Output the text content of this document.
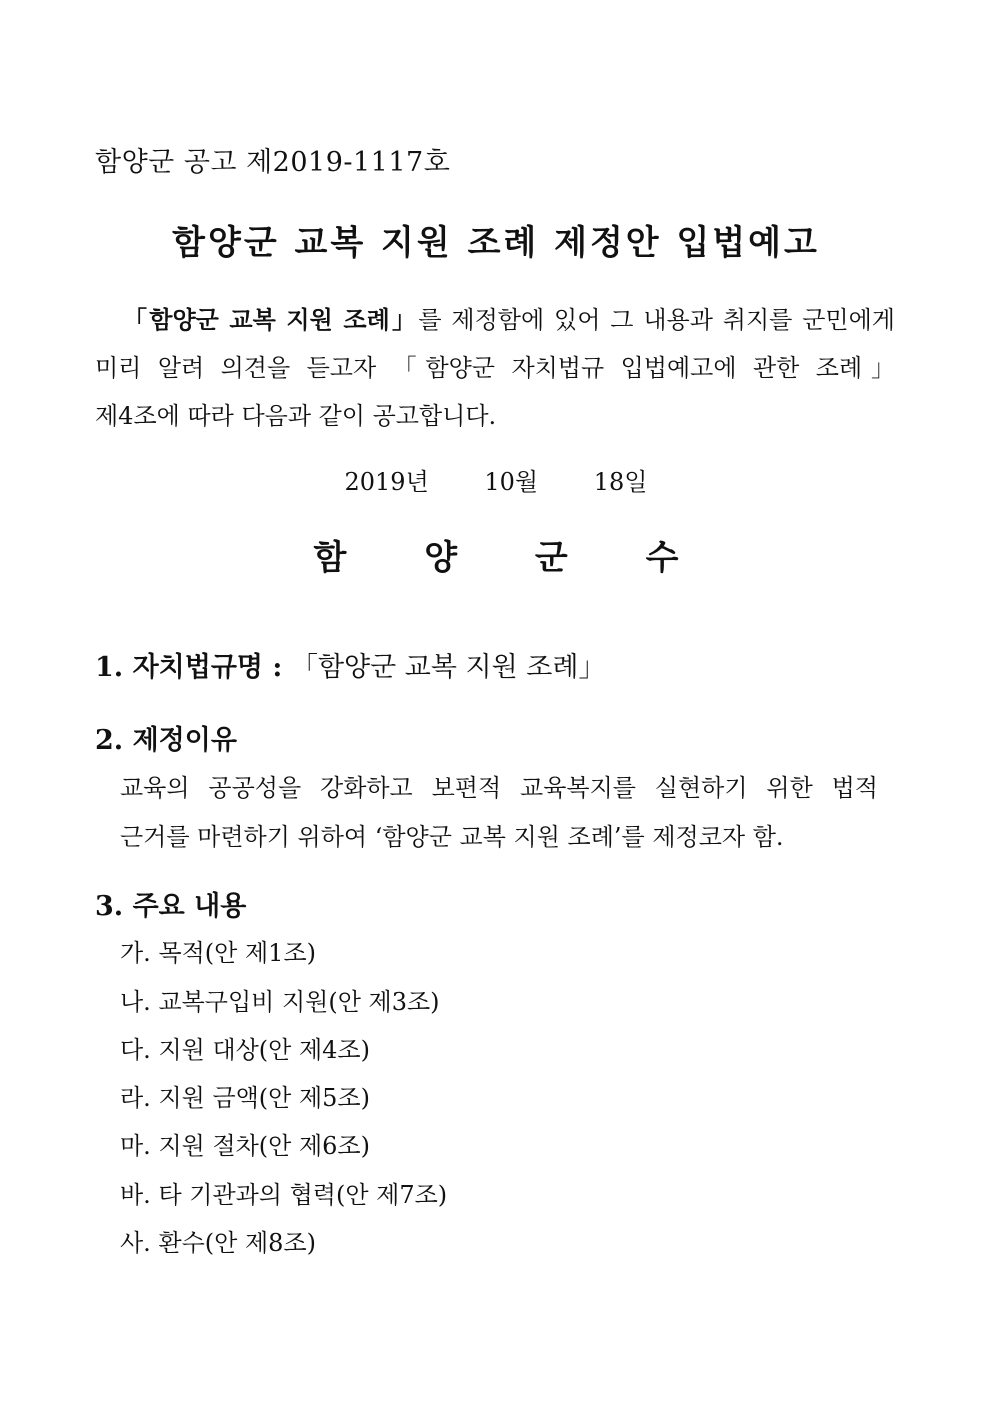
함양군 공고 제2019-1117호
함양군 교복 지원 조례 제정안 입법예고
「함양군 교복 지원 조례」를 제정함에 있어 그 내용과 취지를 군민에게
미리 알려 의견을 듣고자 「함양군 자치법규 입법예고에 관한 조례」
제4조에 따라 다음과 같이 공고합니다.
2019년 10월 18일
함 양 군 수
1. 자치법규명 : 「함양군 교복 지원 조례」
2. 제정이유
교육의 공공성을 강화하고 보편적 교육복지를 실현하기 위한 법적
근거를 마련하기 위하여 ‘함양군 교복 지원 조례’를 제정코자 함.
3. 주요 내용
가. 목적(안 제1조)
나. 교복구입비 지원(안 제3조)
다. 지원 대상(안 제4조)
라. 지원 금액(안 제5조)
마. 지원 절차(안 제6조)
바. 타 기관과의 협력(안 제7조)
사. 환수(안 제8조)
